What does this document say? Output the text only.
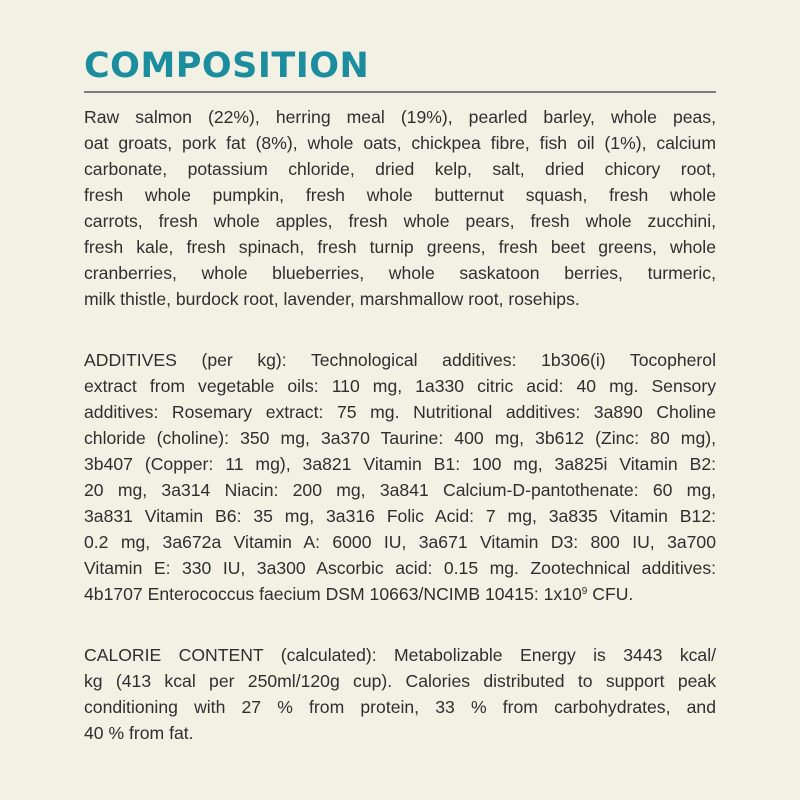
COMPOSITION

Raw salmon (22%), herring meal (19%), pearled barley, whole peas,
oat groats, pork fat (8%), whole oats, chickpea fibre, fish oil (1%), calcium
carbonate, potassium chloride, dried kelp, salt, dried chicory root,
fresh whole pumpkin, fresh whole butternut squash, fresh whole
carrots, fresh whole apples, fresh whole pears, fresh whole zucchini,
fresh kale, fresh spinach, fresh turnip greens, fresh beet greens, whole
cranberries, whole blueberries, whole saskatoon berries, turmeric,
milk thistle, burdock root, lavender, marshmallow root, rosehips.

ADDITIVES (per kg): Technological additives: 1b306(i) Tocopherol
extract from vegetable oils: 110 mg, 1a330 citric acid: 40 mg. Sensory
additives: Rosemary extract: 75 mg. Nutritional additives: 3a890 Choline
chloride (choline): 350 mg, 3a370 Taurine: 400 mg, 3b612 (Zinc: 80 mg),
3b407 (Copper: 11 mg), 3a821 Vitamin B1: 100 mg, 3a825i Vitamin B2:
20 mg, 3a314 Niacin: 200 mg, 3a841 Calcium-D-pantothenate: 60 mg,
3a831 Vitamin B6: 35 mg, 3a316 Folic Acid: 7 mg, 3a835 Vitamin B12:
0.2 mg, 3a672a Vitamin A: 6000 IU, 3a671 Vitamin D3: 800 IU, 3a700
Vitamin E: 330 IU, 3a300 Ascorbic acid: 0.15 mg. Zootechnical additives:
4b1707 Enterococcus faecium DSM 10663/NCIMB 10415: $1x10^9$ CFU.

CALORIE CONTENT (calculated): Metabolizable Energy is 3443 kcal/
kg (413 kcal per 250ml/120g cup). Calories distributed to support peak
conditioning with 27 % from protein, 33 % from carbohydrates, and
40 % from fat.
